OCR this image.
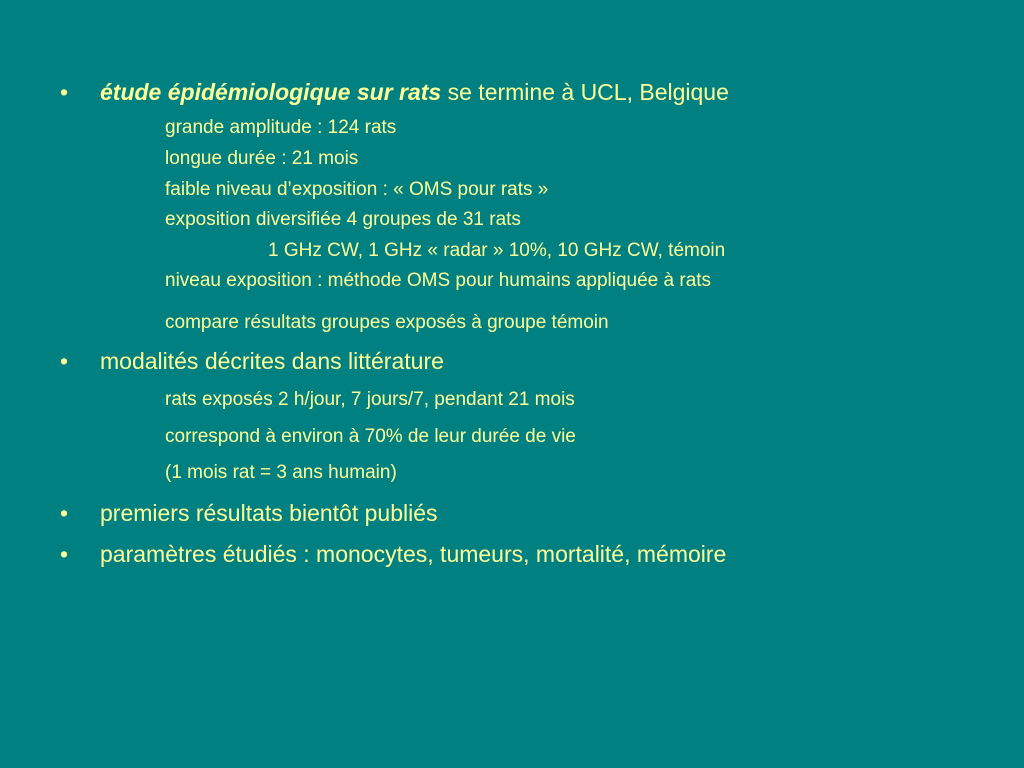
• étude épidémiologique sur rats se termine à UCL, Belgique
grande amplitude : 124 rats
longue durée : 21 mois
faible niveau d’exposition : « OMS pour rats »
exposition diversifiée 4 groupes de 31 rats
1 GHz CW, 1 GHz « radar » 10%, 10 GHz CW, témoin
niveau exposition : méthode OMS pour humains appliquée à rats
compare résultats groupes exposés à groupe témoin
• modalités décrites dans littérature
rats exposés 2 h/jour, 7 jours/7, pendant 21 mois
correspond à environ à 70% de leur durée de vie
(1 mois rat = 3 ans humain)
• premiers résultats bientôt publiés
• paramètres étudiés : monocytes, tumeurs, mortalité, mémoire
